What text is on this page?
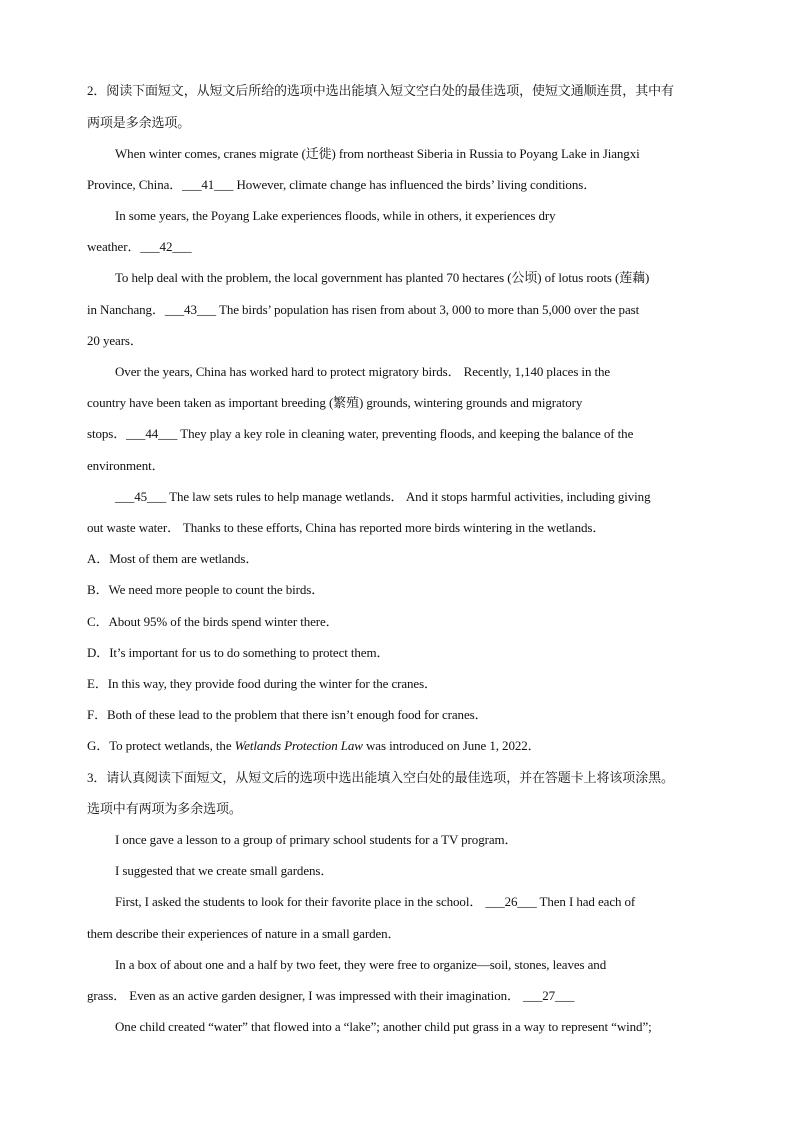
2．阅读下面短文，从短文后所给的选项中选出能填入短文空白处的最佳选项，使短文通顺连贯，其中有
两项是多余选项。
When winter comes, cranes migrate (迁徙) from northeast Siberia in Russia to Poyang Lake in Jiangxi
Province, China．___41___ However, climate change has influenced the birds’ living conditions．
In some years, the Poyang Lake experiences floods, while in others, it experiences dry
weather．___42___
To help deal with the problem, the local government has planted 70 hectares (公顷) of lotus roots (莲藕)
in Nanchang．___43___ The birds’ population has risen from about 3, 000 to more than 5,000 over the past
20 years．
Over the years, China has worked hard to protect migratory birds． Recently, 1,140 places in the
country have been taken as important breeding (繁殖) grounds, wintering grounds and migratory
stops．___44___ They play a key role in cleaning water, preventing floods, and keeping the balance of the
environment．
___45___ The law sets rules to help manage wetlands． And it stops harmful activities, including giving
out waste water． Thanks to these efforts, China has reported more birds wintering in the wetlands．
A．Most of them are wetlands．
B．We need more people to count the birds．
C．About 95% of the birds spend winter there．
D．It’s important for us to do something to protect them．
E．In this way, they provide food during the winter for the cranes．
F．Both of these lead to the problem that there isn’t enough food for cranes．
G．To protect wetlands, the Wetlands Protection Law was introduced on June 1, 2022．
3．请认真阅读下面短文，从短文后的选项中选出能填入空白处的最佳选项，并在答题卡上将该项涂黑。
选项中有两项为多余选项。
I once gave a lesson to a group of primary school students for a TV program．
I suggested that we create small gardens．
First, I asked the students to look for their favorite place in the school． ___26___ Then I had each of
them describe their experiences of nature in a small garden．
In a box of about one and a half by two feet, they were free to organize—soil, stones, leaves and
grass． Even as an active garden designer, I was impressed with their imagination． ___27___
One child created “water” that flowed into a “lake”; another child put grass in a way to represent “wind”;
